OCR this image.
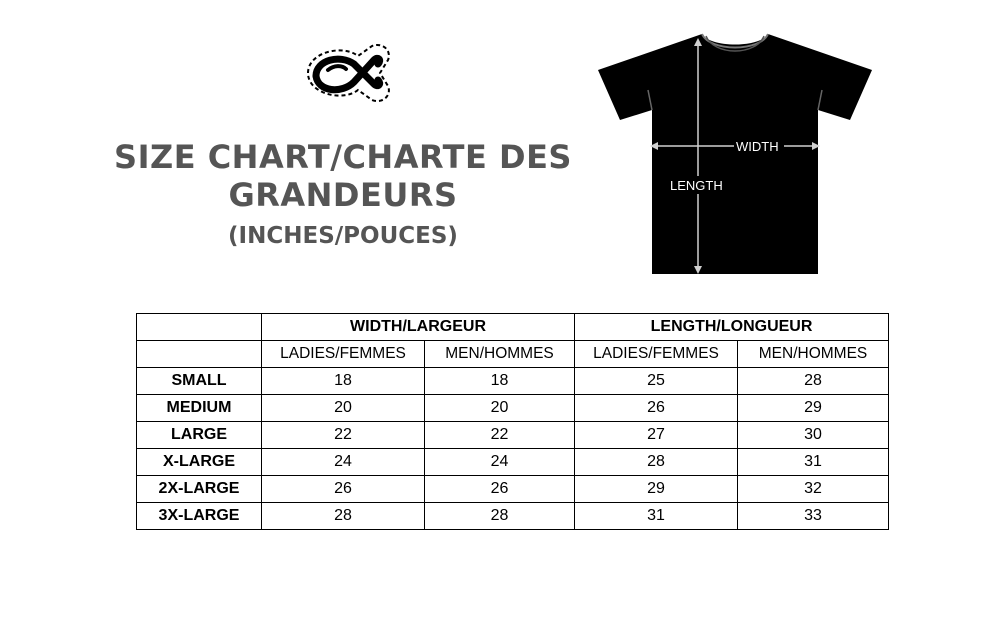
SIZE CHART/CHARTE DES
GRANDEURS
(INCHES/POUCES)
WIDTH
LENGTH
	WIDTH/LARGEUR		LENGTH/LONGUEUR	
	LADIES/FEMMES	MEN/HOMMES	LADIES/FEMMES	MEN/HOMMES
SMALL	18	18	25	28
MEDIUM	20	20	26	29
LARGE	22	22	27	30
X-LARGE	24	24	28	31
2X-LARGE	26	26	29	32
3X-LARGE	28	28	31	33
